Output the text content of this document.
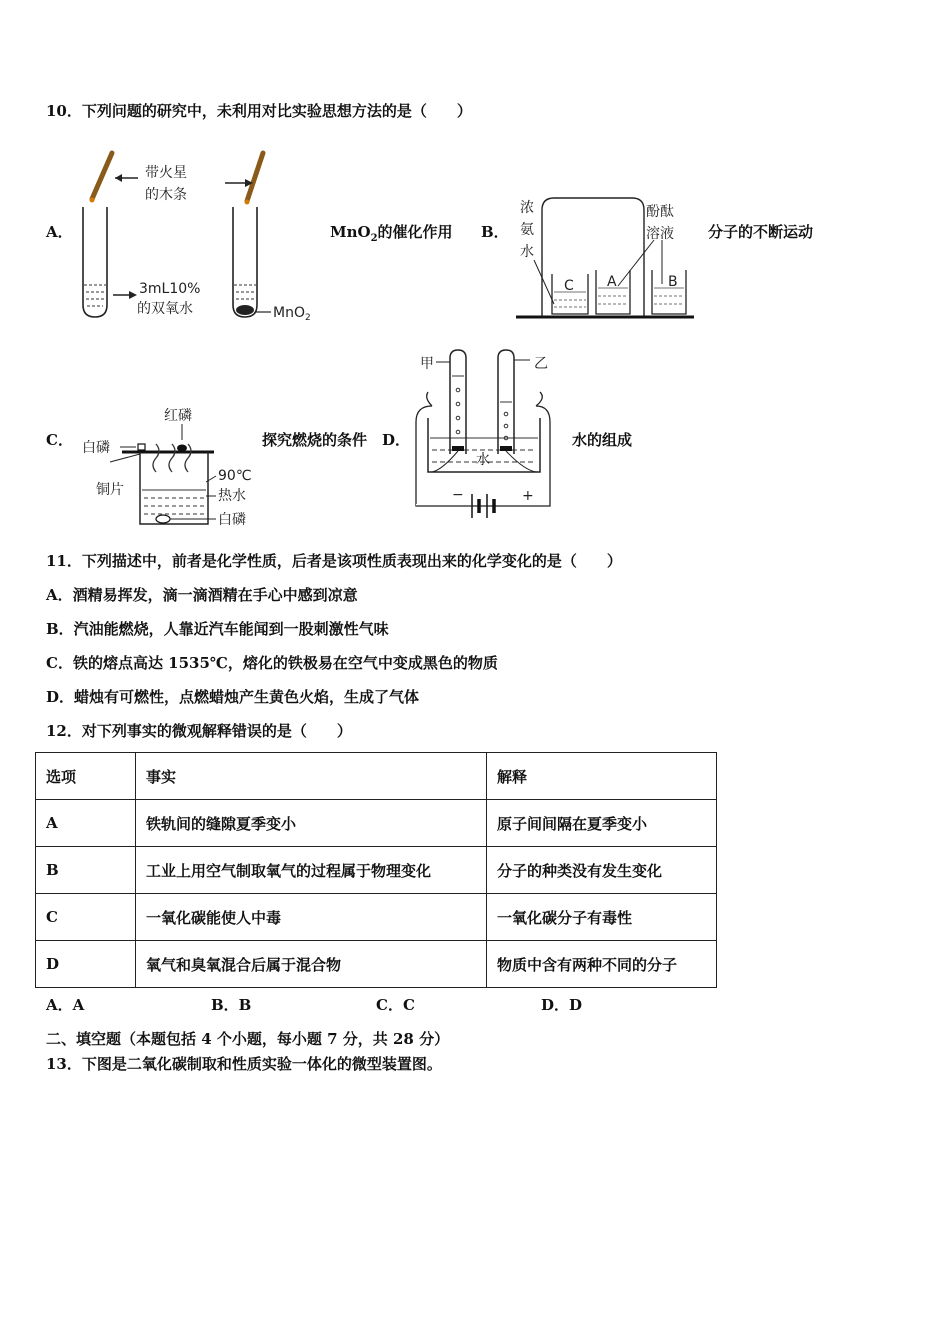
10．下列问题的研究中，未利用对比实验思想方法的是（　　）
A．
带火星
的木条
3mL10%
的双氧水	MnO$_2$
MnO$_2$的催化作用 B．
C A	B
浓
氨
水
酚酞
溶液 分子的不断运动
C．
红磷
白磷
铜片
90℃
热水
白磷
探究燃烧的条件 D．
甲	乙
水
−	+
水的组成
11．下列描述中，前者是化学性质，后者是该项性质表现出来的化学变化的是（　　）
A．酒精易挥发，滴一滴酒精在手心中感到凉意
B．汽油能燃烧，人靠近汽车能闻到一股刺激性气味
C．铁的熔点高达 1535℃，熔化的铁极易在空气中变成黑色的物质
D．蜡烛有可燃性，点燃蜡烛产生黄色火焰，生成了气体
12．对下列事实的微观解释错误的是（　　）
选项	事实	解释
A	铁轨间的缝隙夏季变小	原子间间隔在夏季变小
B	工业上用空气制取氧气的过程属于物理变化	分子的种类没有发生变化
C	一氧化碳能使人中毒	一氧化碳分子有毒性
D	氧气和臭氧混合后属于混合物	物质中含有两种不同的分子
A．A	B．B	C．C	D．D
二、填空题（本题包括 4 个小题，每小题 7 分，共 28 分）
13．下图是二氧化碳制取和性质实验一体化的微型装置图。
